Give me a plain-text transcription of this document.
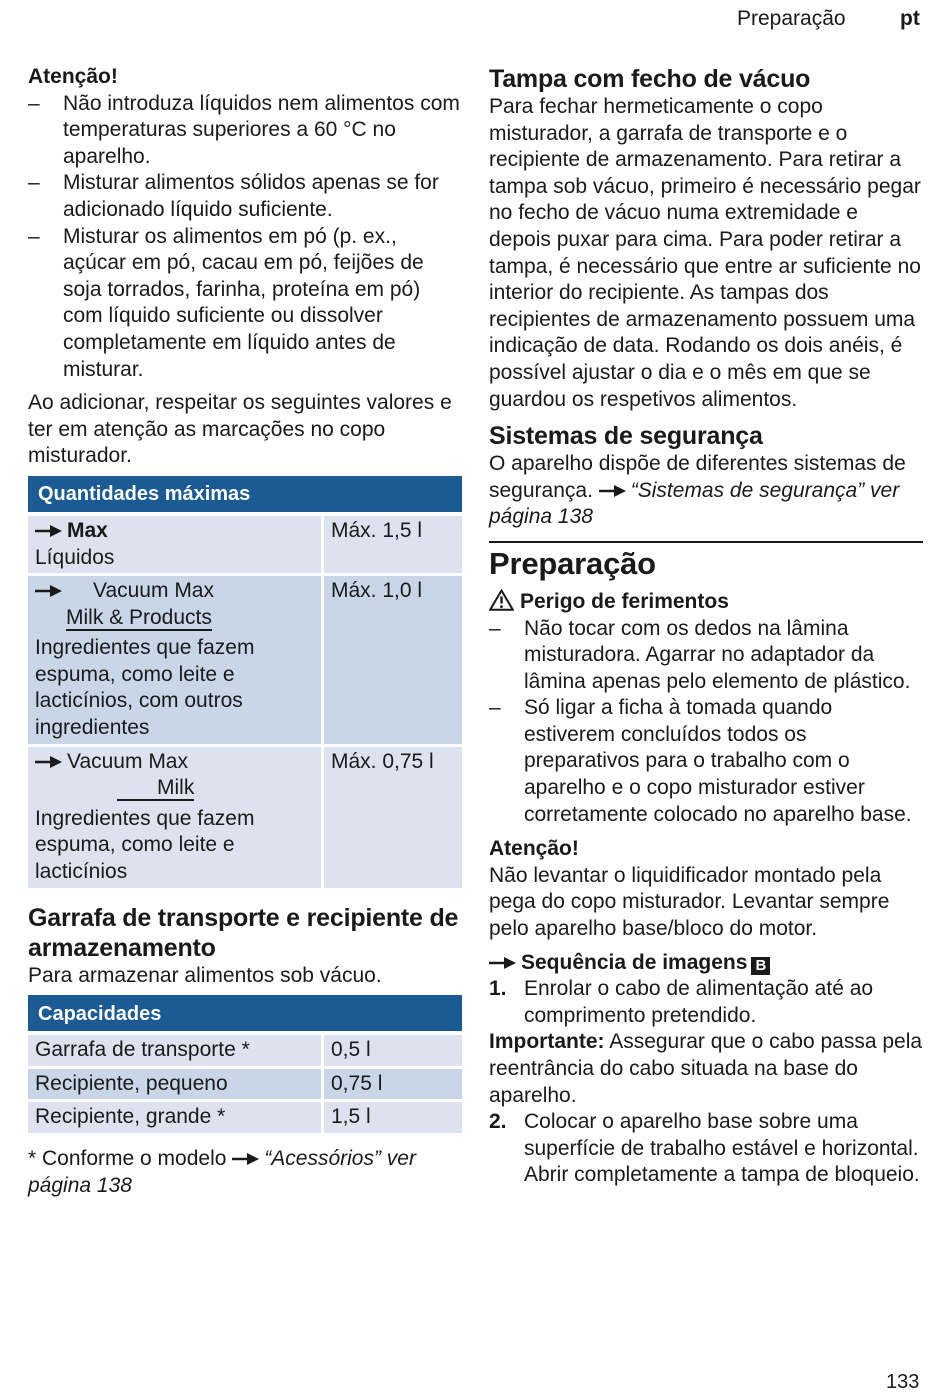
Preparação	pt

Atenção!

– Não introduza líquidos nem alimentos com temperaturas superiores a 60 °C no aparelho.
– Misturar alimentos sólidos apenas se for adicionado líquido suficiente.
– Misturar os alimentos em pó (p. ex., açúcar em pó, cacau em pó, feijões de soja torrados, farinha, proteína em pó) com líquido suficiente ou dissolver completamente em líquido antes de misturar.

Ao adicionar, respeitar os seguintes valores e ter em atenção as marcações no copo misturador.

Quantidades máximas	

Max
Líquidos	Máx. 1,5 l

Vacuum Max
Milk & Products
Ingredientes que fazem espuma, como leite e lacticínios, com outros ingredientes	Máx. 1,0 l

Vacuum Max
Milk
Ingredientes que fazem espuma, como leite e lacticínios	Máx. 0,75 l

Garrafa de transporte e recipiente de armazenamento

Para armazenar alimentos sob vácuo.

Capacidades	
Garrafa de transporte *	0,5 l
Recipiente, pequeno	0,75 l
Recipiente, grande *	1,5 l

* Conforme o modelo “Acessórios” ver página 138

Tampa com fecho de vácuo

Para fechar hermeticamente o copo misturador, a garrafa de transporte e o recipiente de armazenamento. Para retirar a tampa sob vácuo, primeiro é necessário pegar no fecho de vácuo numa extremidade e depois puxar para cima. Para poder retirar a tampa, é necessário que entre ar suficiente no interior do recipiente. As tampas dos recipientes de armazenamento possuem uma indicação de data. Rodando os dois anéis, é possível ajustar o dia e o mês em que se guardou os respetivos alimentos.

Sistemas de segurança

O aparelho dispõe de diferentes sistemas de segurança. “Sistemas de segurança” ver página 138

Preparação

Perigo de ferimentos

– Não tocar com os dedos na lâmina misturadora. Agarrar no adaptador da lâmina apenas pelo elemento de plástico.
– Só ligar a ficha à tomada quando estiverem concluídos todos os preparativos para o trabalho com o aparelho e o copo misturador estiver corretamente colocado no aparelho base.

Atenção!

Não levantar o liquidificador montado pela pega do copo misturador. Levantar sempre pelo aparelho base/bloco do motor.

Sequência de imagens B

1. Enrolar o cabo de alimentação até ao comprimento pretendido.

Importante: Assegurar que o cabo passa pela reentrância do cabo situada na base do aparelho.

2. Colocar o aparelho base sobre uma superfície de trabalho estável e horizontal. Abrir completamente a tampa de bloqueio.
133
